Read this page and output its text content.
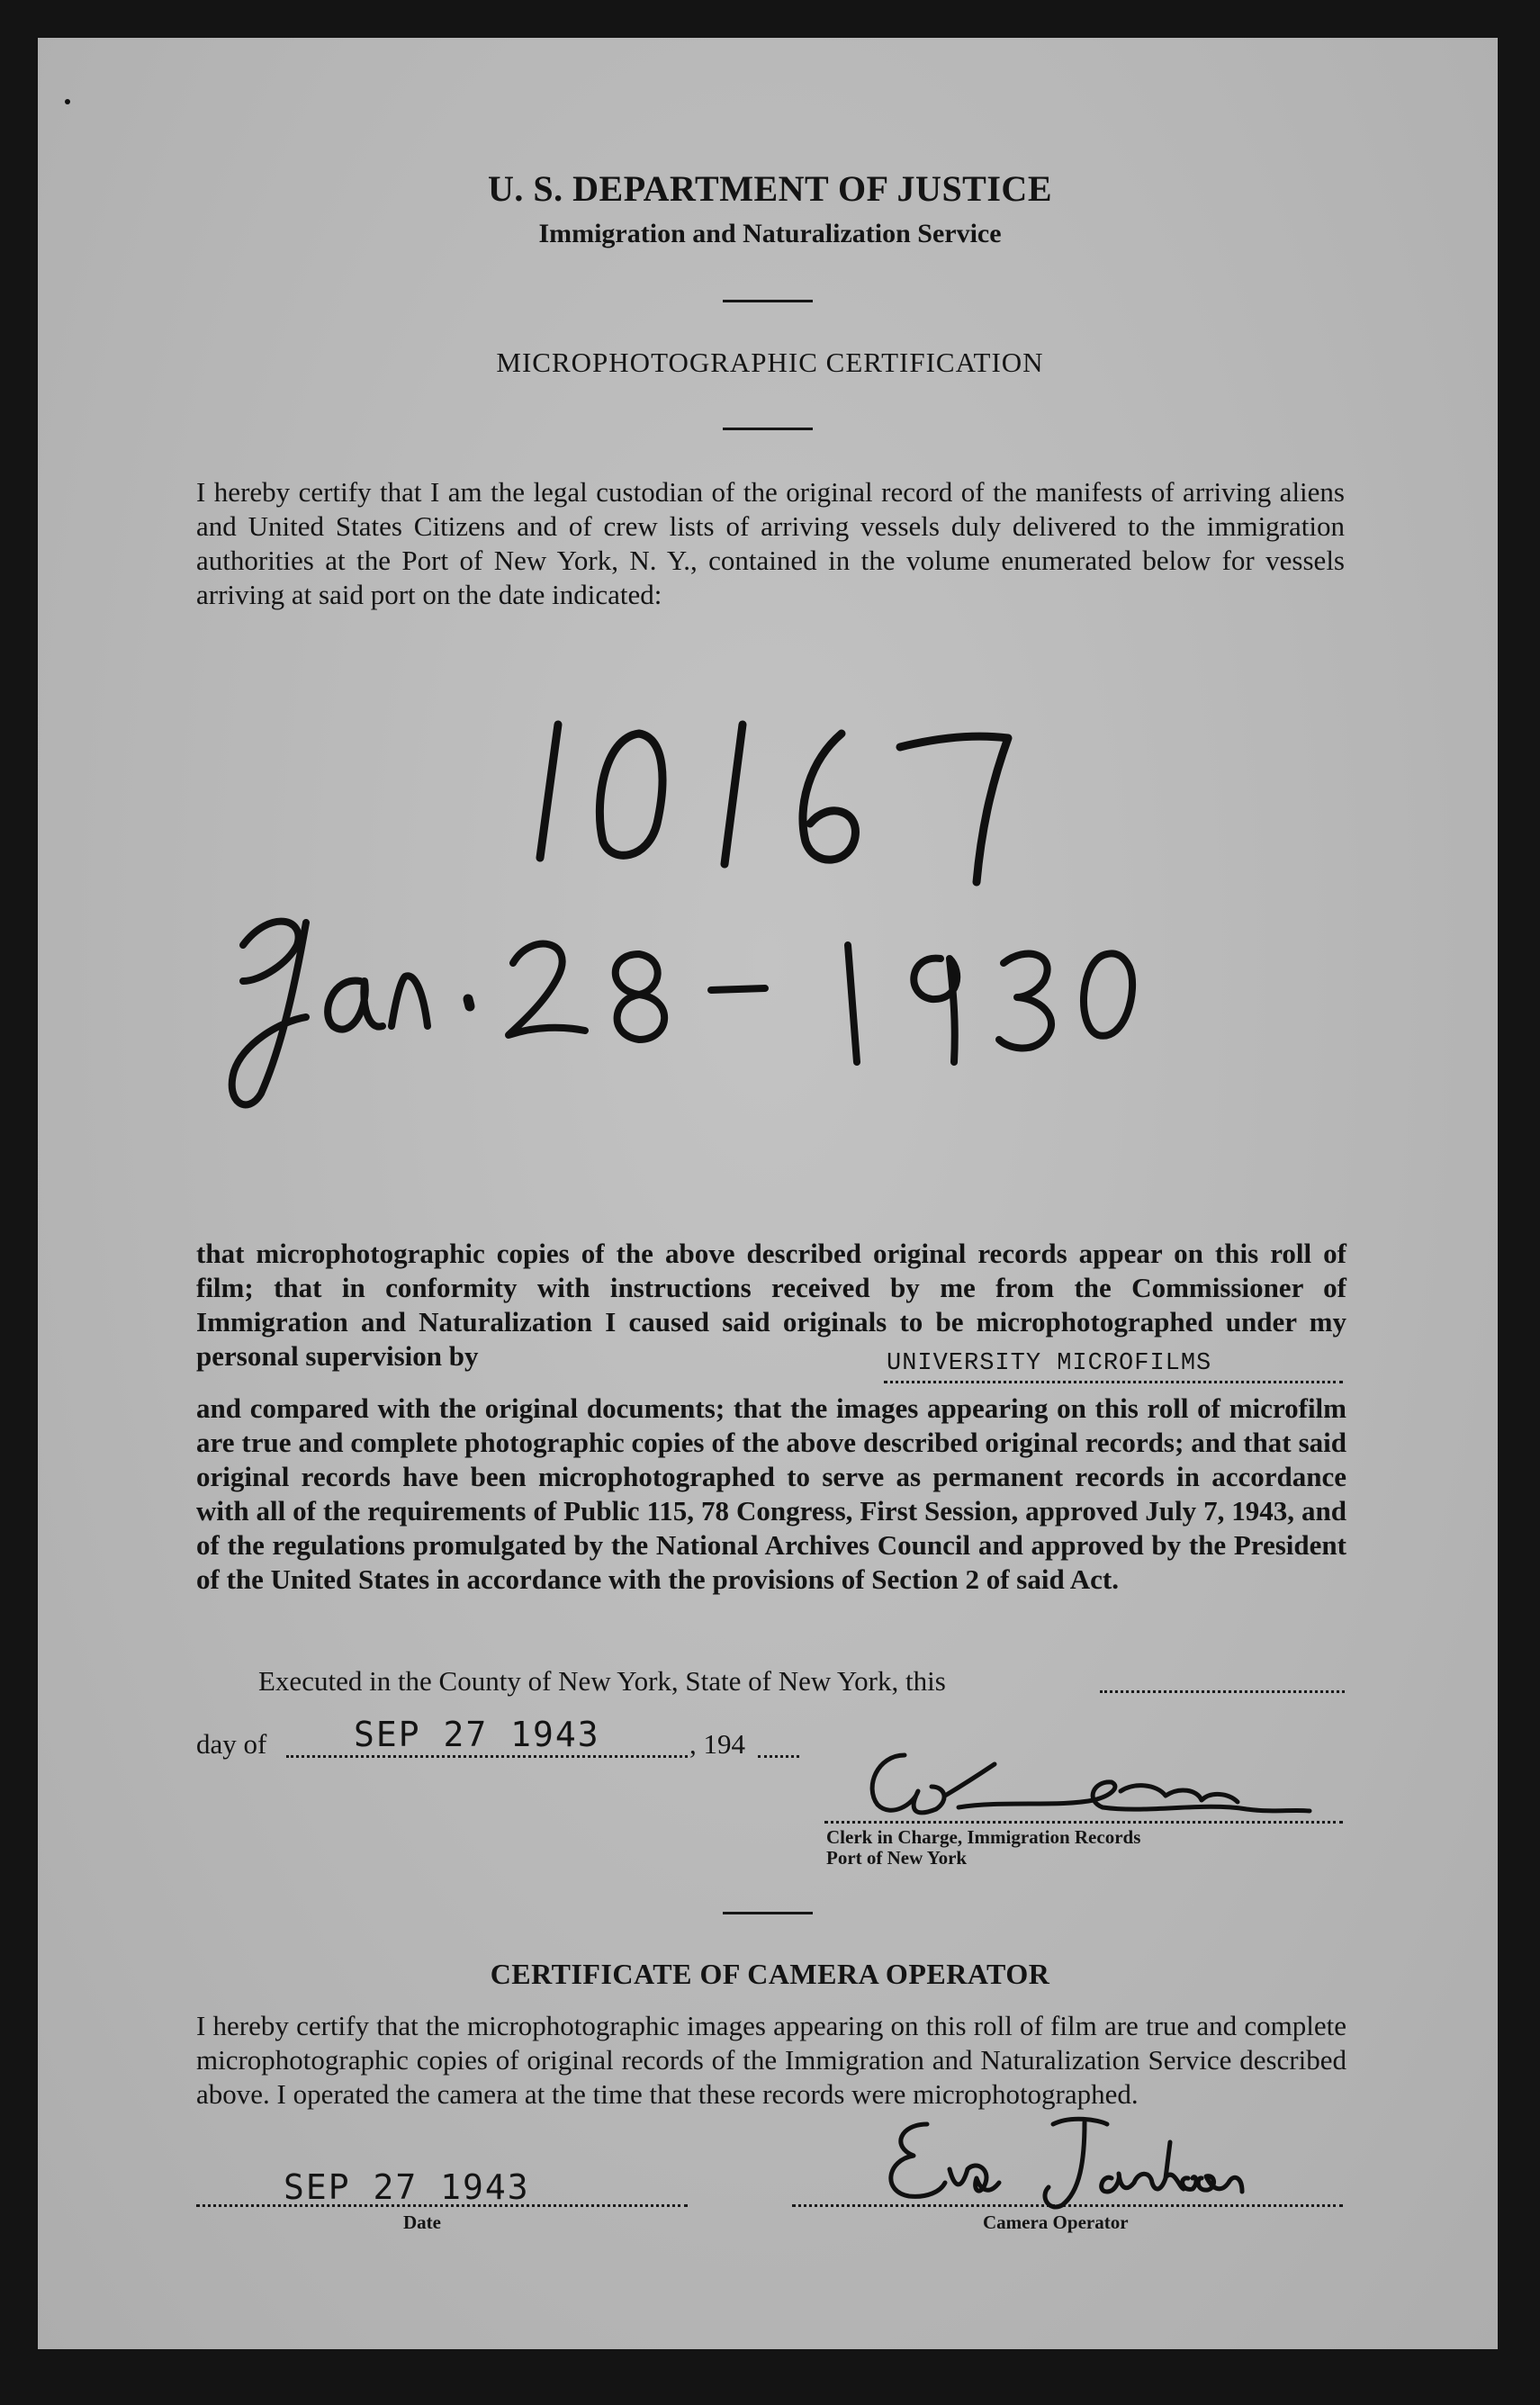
U. S. DEPARTMENT OF JUSTICE
Immigration and Naturalization Service
MICROPHOTOGRAPHIC CERTIFICATION

I hereby certify that I am the legal custodian of the original record of the manifests of arriving aliens and United States Citizens and of crew lists of arriving vessels duly delivered to the immigration authorities at the Port of New York, N. Y., contained in the volume enumerated below for vessels arriving at said port on the date indicated:

that microphotographic copies of the above described original records appear on this roll of film; that in conformity with instructions received by me from the Commissioner of Immigration and Naturalization I caused said originals to be microphotographed under my personal supervision by	UNIVERSITY MICROFILMS

and compared with the original documents; that the images appearing on this roll of microfilm are true and complete photographic copies of the above described original records; and that said original records have been microphotographed to serve as permanent records in accordance with all of the requirements of Public 115, 78 Congress, First Session, approved July 7, 1943, and of the regulations promulgated by the National Archives Council and approved by the President of the United States in accordance with the provisions of Section 2 of said Act.

Executed in the County of New York, State of New York, this
day of	SEP 27 1943	, 194
Clerk in Charge, Immigration Records
Port of New York
CERTIFICATE OF CAMERA OPERATOR

I hereby certify that the microphotographic images appearing on this roll of film are true and complete microphotographic copies of original records of the Immigration and Naturalization Service described above. I operated the camera at the time that these records were microphotographed.

SEP 27 1943
Date	Camera Operator
